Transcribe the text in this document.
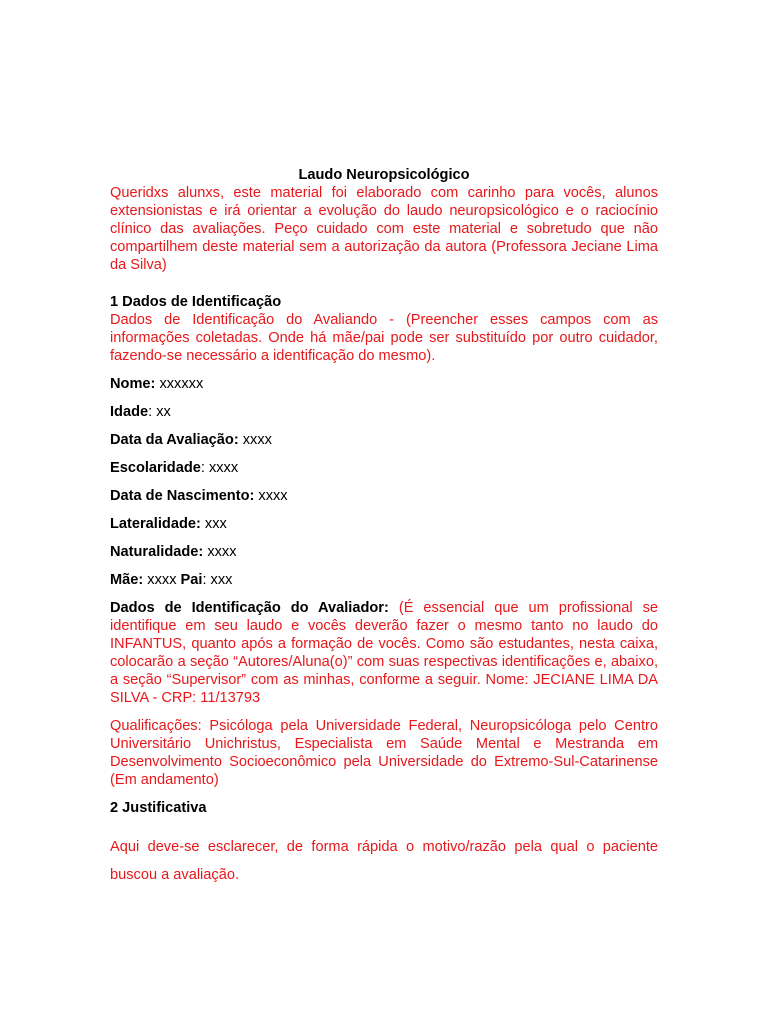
Laudo Neuropsicológico

Queridxs alunxs, este material foi elaborado com carinho para vocês, alunos extensionistas e irá orientar a evolução do laudo neuropsicológico e o raciocínio clínico das avaliações. Peço cuidado com este material e sobretudo que não compartilhem deste material sem a autorização da autora (Professora Jeciane Lima da Silva)

1 Dados de Identificação

Dados de Identificação do Avaliando - (Preencher esses campos com as informações coletadas. Onde há mãe/pai pode ser substituído por outro cuidador, fazendo-se necessário a identificação do mesmo).

Nome: xxxxxx

Idade: xx

Data da Avaliação: xxxx

Escolaridade: xxxx

Data de Nascimento: xxxx

Lateralidade: xxx

Naturalidade: xxxx

Mãe: xxxx Pai: xxx

Dados de Identificação do Avaliador: (É essencial que um profissional se identifique em seu laudo e vocês deverão fazer o mesmo tanto no laudo do INFANTUS, quanto após a formação de vocês. Como são estudantes, nesta caixa, colocarão a seção “Autores/Aluna(o)” com suas respectivas identificações e, abaixo, a seção “Supervisor” com as minhas, conforme a seguir. Nome: JECIANE LIMA DA SILVA - CRP: 11/13793

Qualificações: Psicóloga pela Universidade Federal, Neuropsicóloga pelo Centro Universitário Unichristus, Especialista em Saúde Mental e Mestranda em Desenvolvimento Socioeconômico pela Universidade do Extremo-Sul-Catarinense (Em andamento)

2 Justificativa

Aqui deve-se esclarecer, de forma rápida o motivo/razão pela qual o paciente buscou a avaliação.
